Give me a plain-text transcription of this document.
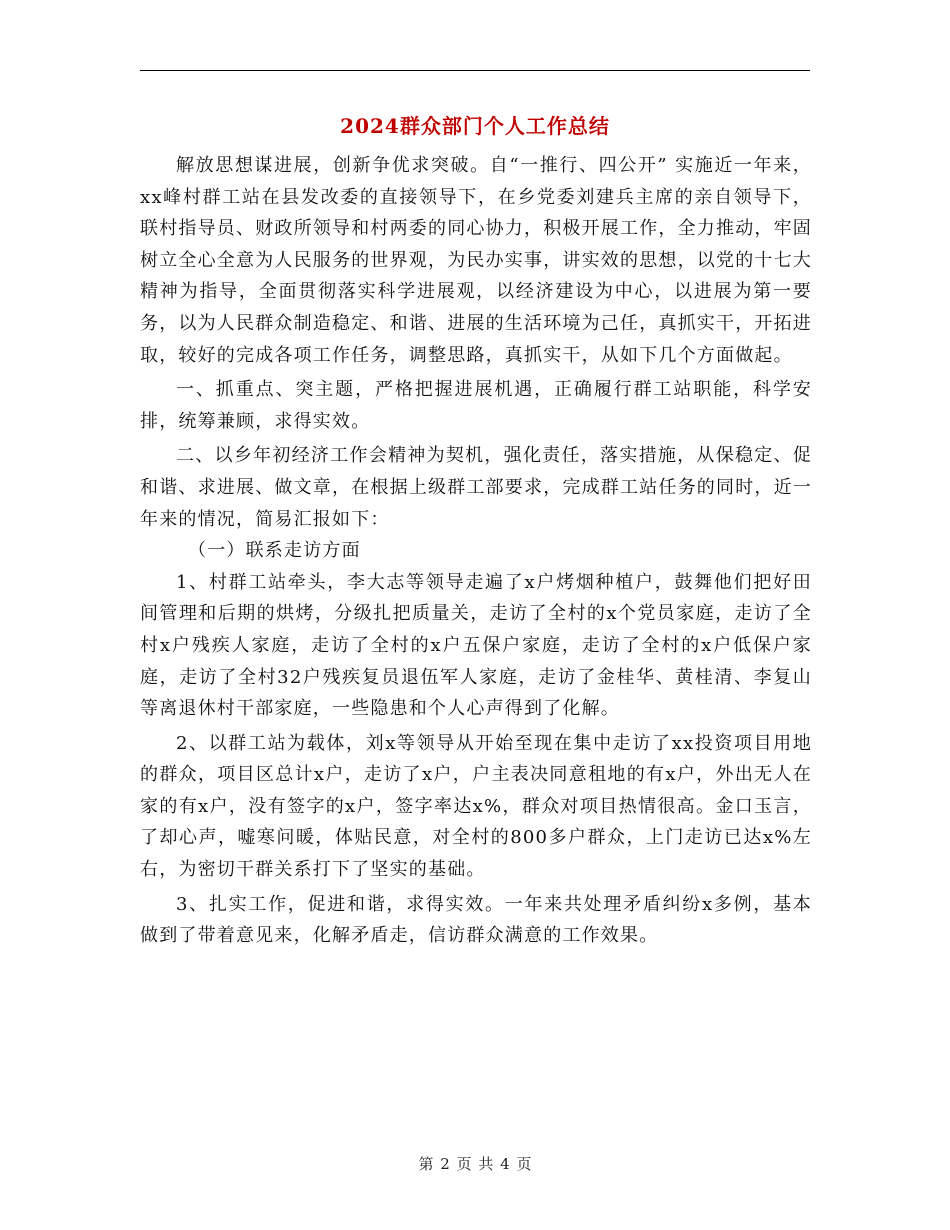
2024群众部门个人工作总结

解放思想谋进展，创新争优求突破。自“一推行、四公开” 实施近一年来，xx峰村群工站在县发改委的直接领导下，在乡党委刘建兵主席的亲自领导下，联村指导员、财政所领导和村两委的同心协力，积极开展工作，全力推动，牢固树立全心全意为人民服务的世界观，为民办实事，讲实效的思想，以党的十七大精神为指导，全面贯彻落实科学进展观，以经济建设为中心，以进展为第一要务，以为人民群众制造稳定、和谐、进展的生活环境为己任，真抓实干，开拓进取，较好的完成各项工作任务，调整思路，真抓实干，从如下几个方面做起。

一、抓重点、突主题，严格把握进展机遇，正确履行群工站职能，科学安排，统筹兼顾，求得实效。

二、以乡年初经济工作会精神为契机，强化责任，落实措施，从保稳定、促和谐、求进展、做文章，在根据上级群工部要求，完成群工站任务的同时，近一年来的情况，简易汇报如下：

（一）联系走访方面

1、村群工站牵头，李大志等领导走遍了x户烤烟种植户，鼓舞他们把好田间管理和后期的烘烤，分级扎把质量关，走访了全村的x个党员家庭，走访了全村x户残疾人家庭，走访了全村的x户五保户家庭，走访了全村的x户低保户家庭，走访了全村32户残疾复员退伍军人家庭，走访了金桂华、黄桂清、李复山等离退休村干部家庭，一些隐患和个人心声得到了化解。

2、以群工站为载体，刘x等领导从开始至现在集中走访了xx投资项目用地的群众，项目区总计x户，走访了x户，户主表决同意租地的有x户，外出无人在家的有x户，没有签字的x户，签字率达x%，群众对项目热情很高。金口玉言，了却心声，嘘寒问暖，体贴民意，对全村的800多户群众，上门走访已达x%左右，为密切干群关系打下了坚实的基础。

3、扎实工作，促进和谐，求得实效。一年来共处理矛盾纠纷x多例，基本做到了带着意见来，化解矛盾走，信访群众满意的工作效果。

第 2 页 共 4 页
